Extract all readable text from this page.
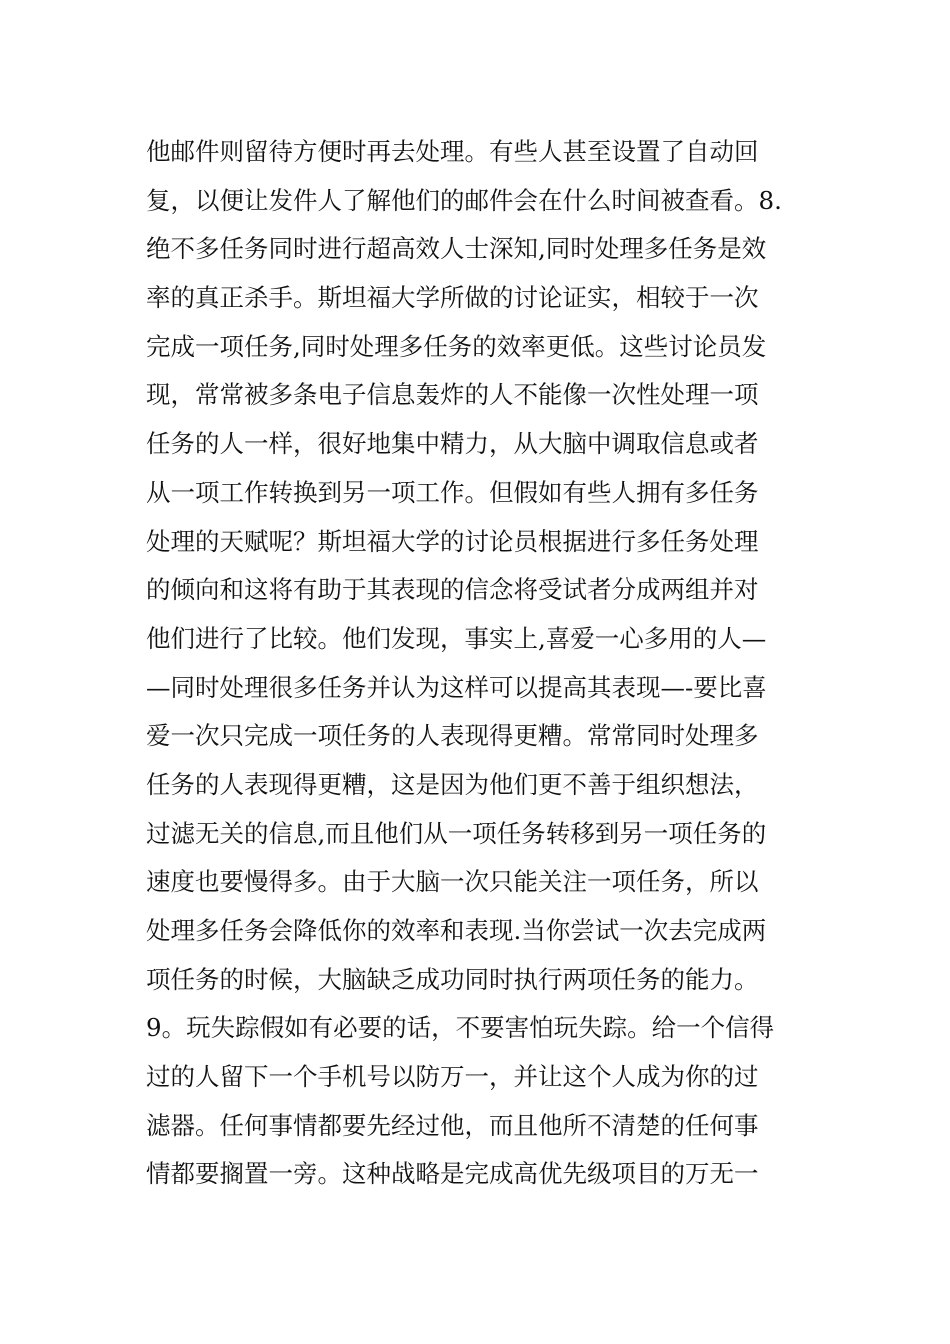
他邮件则留待方便时再去处理。有些人甚至设置了自动回
复，以便让发件人了解他们的邮件会在什么时间被查看。8.
绝不多任务同时进行超高效人士深知,同时处理多任务是效
率的真正杀手。斯坦福大学所做的讨论证实，相较于一次
完成一项任务,同时处理多任务的效率更低。这些讨论员发
现，常常被多条电子信息轰炸的人不能像一次性处理一项
任务的人一样，很好地集中精力，从大脑中调取信息或者
从一项工作转换到另一项工作。但假如有些人拥有多任务
处理的天赋呢？斯坦福大学的讨论员根据进行多任务处理
的倾向和这将有助于其表现的信念将受试者分成两组并对
他们进行了比较。他们发现，事实上,喜爱一心多用的人—
—同时处理很多任务并认为这样可以提高其表现—-要比喜
爱一次只完成一项任务的人表现得更糟。常常同时处理多
任务的人表现得更糟，这是因为他们更不善于组织想法，
过滤无关的信息,而且他们从一项任务转移到另一项任务的
速度也要慢得多。由于大脑一次只能关注一项任务，所以
处理多任务会降低你的效率和表现.当你尝试一次去完成两
项任务的时候，大脑缺乏成功同时执行两项任务的能力。
9。玩失踪假如有必要的话，不要害怕玩失踪。给一个信得
过的人留下一个手机号以防万一，并让这个人成为你的过
滤器。任何事情都要先经过他，而且他所不清楚的任何事
情都要搁置一旁。这种战略是完成高优先级项目的万无一
